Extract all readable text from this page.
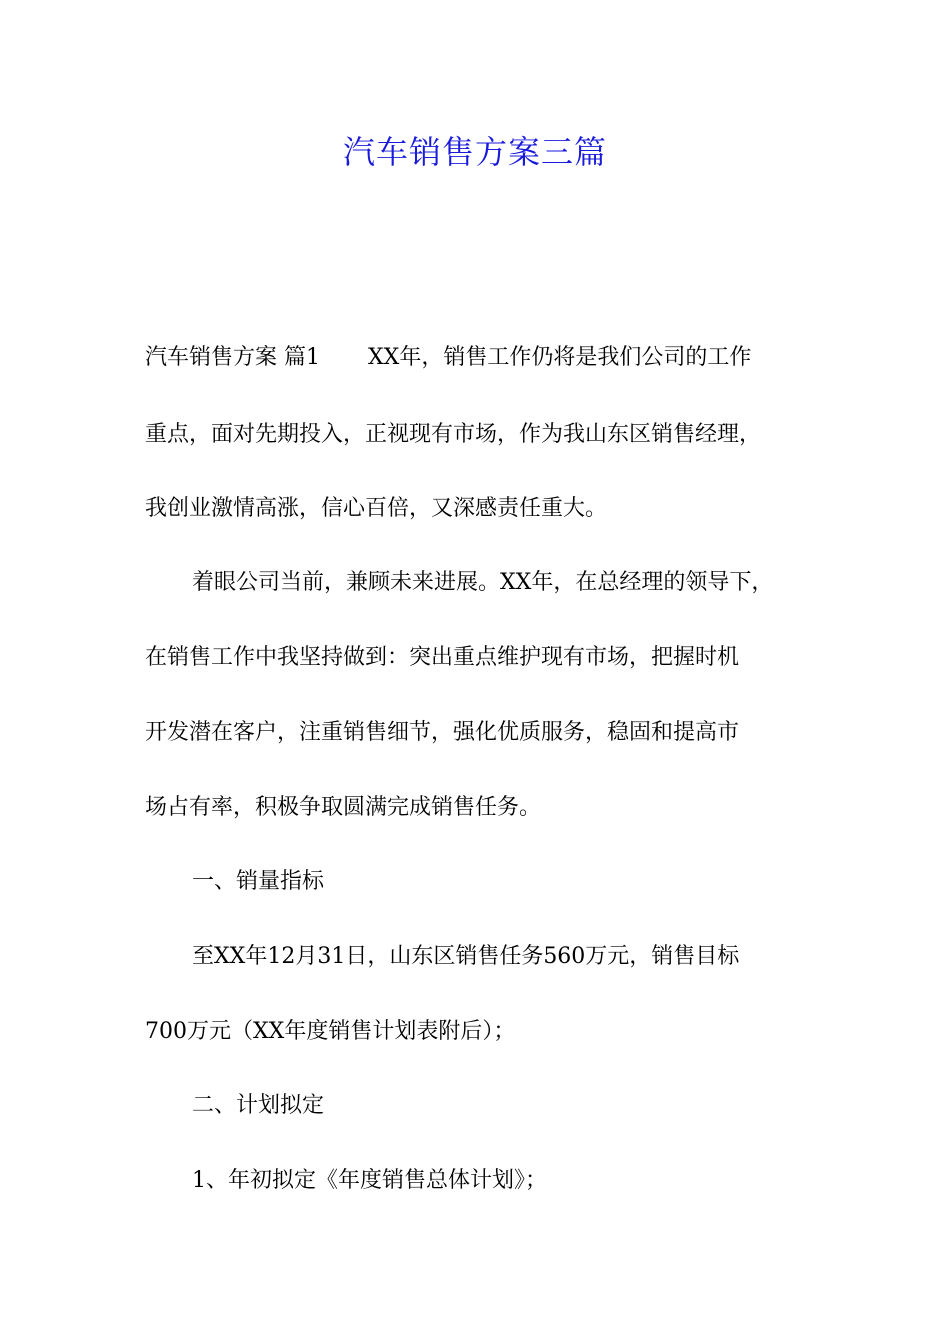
汽车销售方案三篇

汽车销售方案 篇1 XX年，销售工作仍将是我们公司的工作

重点，面对先期投入，正视现有市场，作为我山东区销售经理，

我创业激情高涨，信心百倍，又深感责任重大。

着眼公司当前，兼顾未来进展。XX年，在总经理的领导下，

在销售工作中我坚持做到：突出重点维护现有市场，把握时机

开发潜在客户，注重销售细节，强化优质服务，稳固和提高市

场占有率，积极争取圆满完成销售任务。

一、销量指标

至XX年12月31日，山东区销售任务560万元，销售目标

700万元（XX年度销售计划表附后）；

二、计划拟定

1、年初拟定《年度销售总体计划》；
